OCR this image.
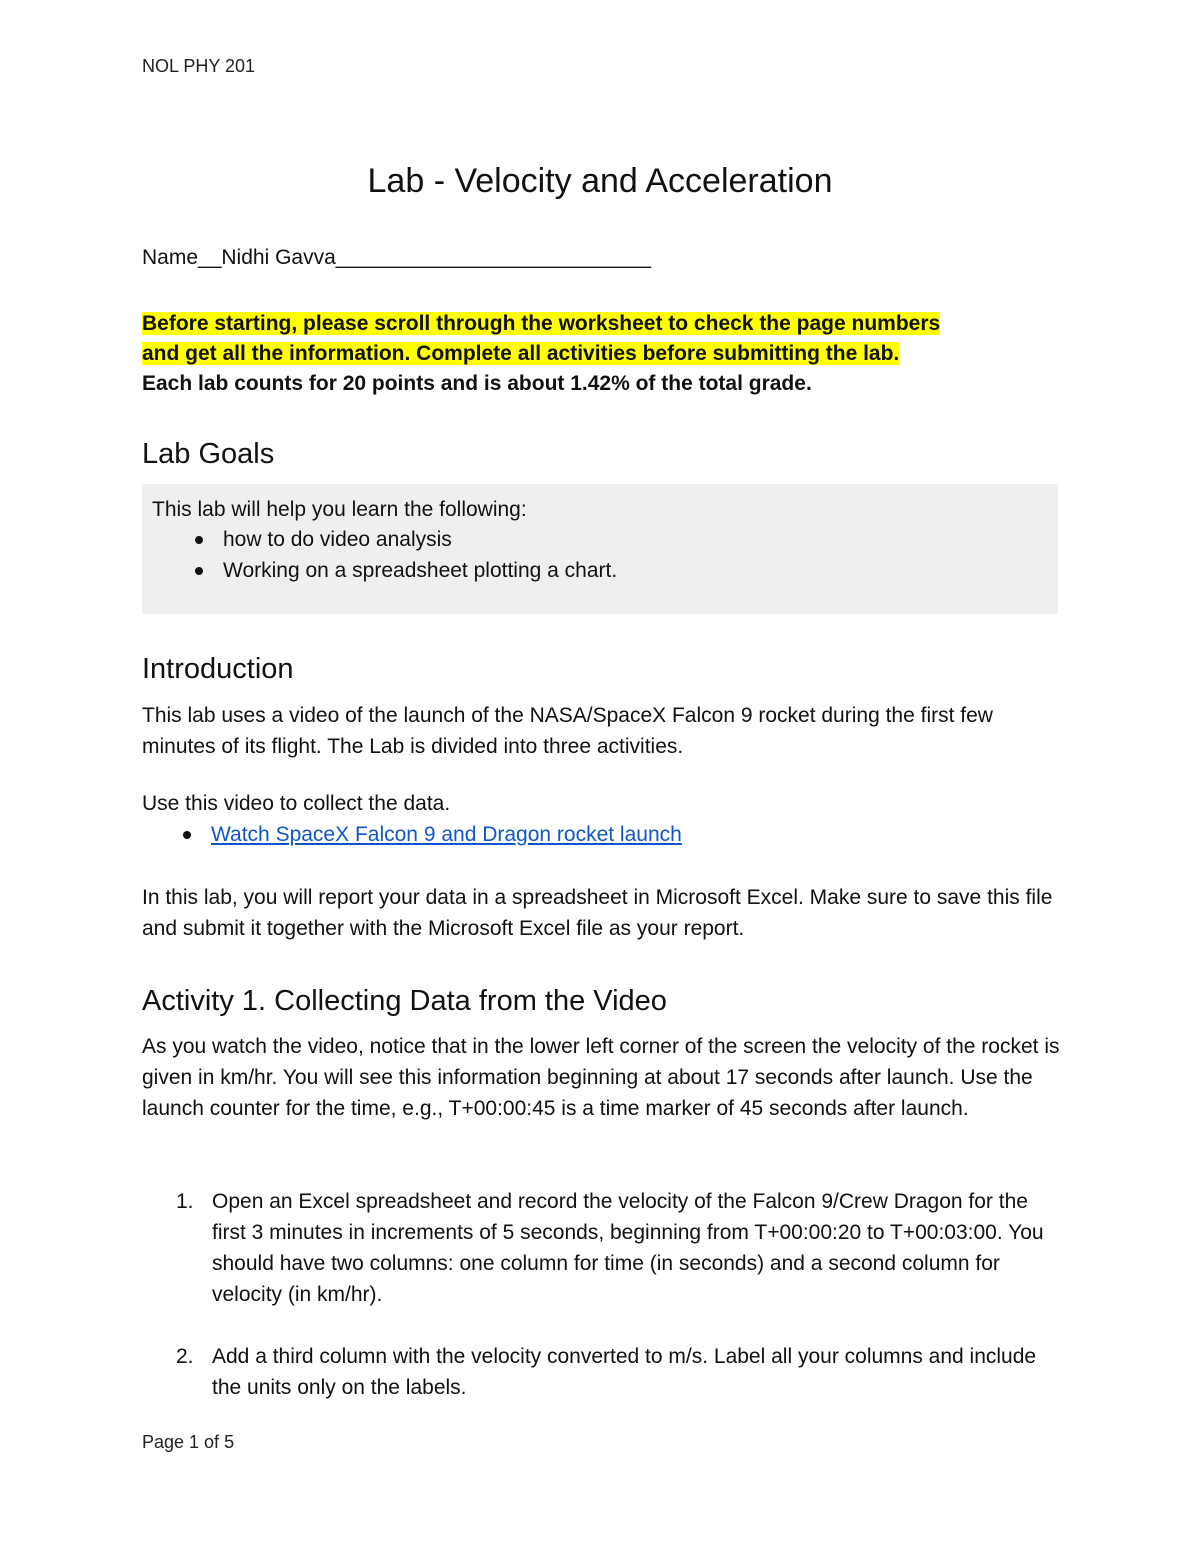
NOL PHY 201
Lab - Velocity and Acceleration
Name__Nidhi Gavva___________________________
Before starting, please scroll through the worksheet to check the page numbers
and get all the information. Complete all activities before submitting the lab.
Each lab counts for 20 points and is about 1.42% of the total grade.
Lab Goals
This lab will help you learn the following:
how to do video analysis
Working on a spreadsheet plotting a chart.
Introduction

This lab uses a video of the launch of the NASA/SpaceX Falcon 9 rocket during the first few minutes of its flight. The Lab is divided into three activities.

Use this video to collect the data.

Watch SpaceX Falcon 9 and Dragon rocket launch

In this lab, you will report your data in a spreadsheet in Microsoft Excel. Make sure to save this file and submit it together with the Microsoft Excel file as your report.

Activity 1. Collecting Data from the Video

As you watch the video, notice that in the lower left corner of the screen the velocity of the rocket is given in km/hr. You will see this information beginning at about 17 seconds after launch. Use the launch counter for the time, e.g., T+00:00:45 is a time marker of 45 seconds after launch.

1. Open an Excel spreadsheet and record the velocity of the Falcon 9/Crew Dragon for the first 3 minutes in increments of 5 seconds, beginning from T+00:00:20 to T+00:03:00. You should have two columns: one column for time (in seconds) and a second column for velocity (in km/hr).
2. Add a third column with the velocity converted to m/s. Label all your columns and include the units only on the labels.
Page 1 of 5
